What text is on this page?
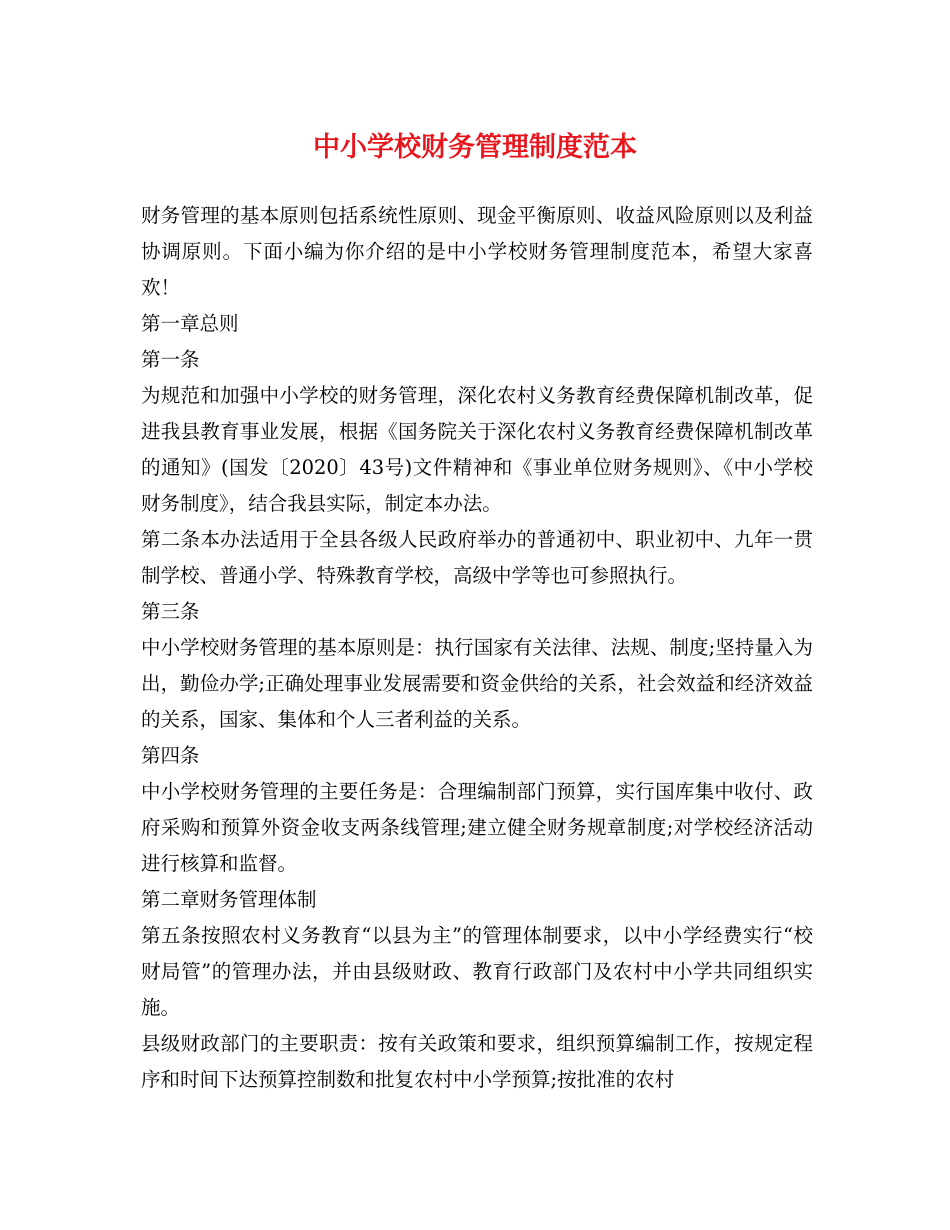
中小学校财务管理制度范本

财务管理的基本原则包括系统性原则、现金平衡原则、收益风险原则以及利益协调原则。下面小编为你介绍的是中小学校财务管理制度范本，希望大家喜欢！

第一章总则

第一条

为规范和加强中小学校的财务管理，深化农村义务教育经费保障机制改革，促进我县教育事业发展，根据《国务院关于深化农村义务教育经费保障机制改革的通知》(国发〔2020〕43号)文件精神和《事业单位财务规则》、《中小学校财务制度》，结合我县实际，制定本办法。

第二条本办法适用于全县各级人民政府举办的普通初中、职业初中、九年一贯制学校、普通小学、特殊教育学校，高级中学等也可参照执行。

第三条

中小学校财务管理的基本原则是：执行国家有关法律、法规、制度;坚持量入为出，勤俭办学;正确处理事业发展需要和资金供给的关系，社会效益和经济效益的关系，国家、集体和个人三者利益的关系。

第四条

中小学校财务管理的主要任务是：合理编制部门预算，实行国库集中收付、政府采购和预算外资金收支两条线管理;建立健全财务规章制度;对学校经济活动进行核算和监督。

第二章财务管理体制

第五条按照农村义务教育“以县为主”的管理体制要求，以中小学经费实行“校财局管”的管理办法，并由县级财政、教育行政部门及农村中小学共同组织实施。

县级财政部门的主要职责：按有关政策和要求，组织预算编制工作，按规定程序和时间下达预算控制数和批复农村中小学预算;按批准的农村
